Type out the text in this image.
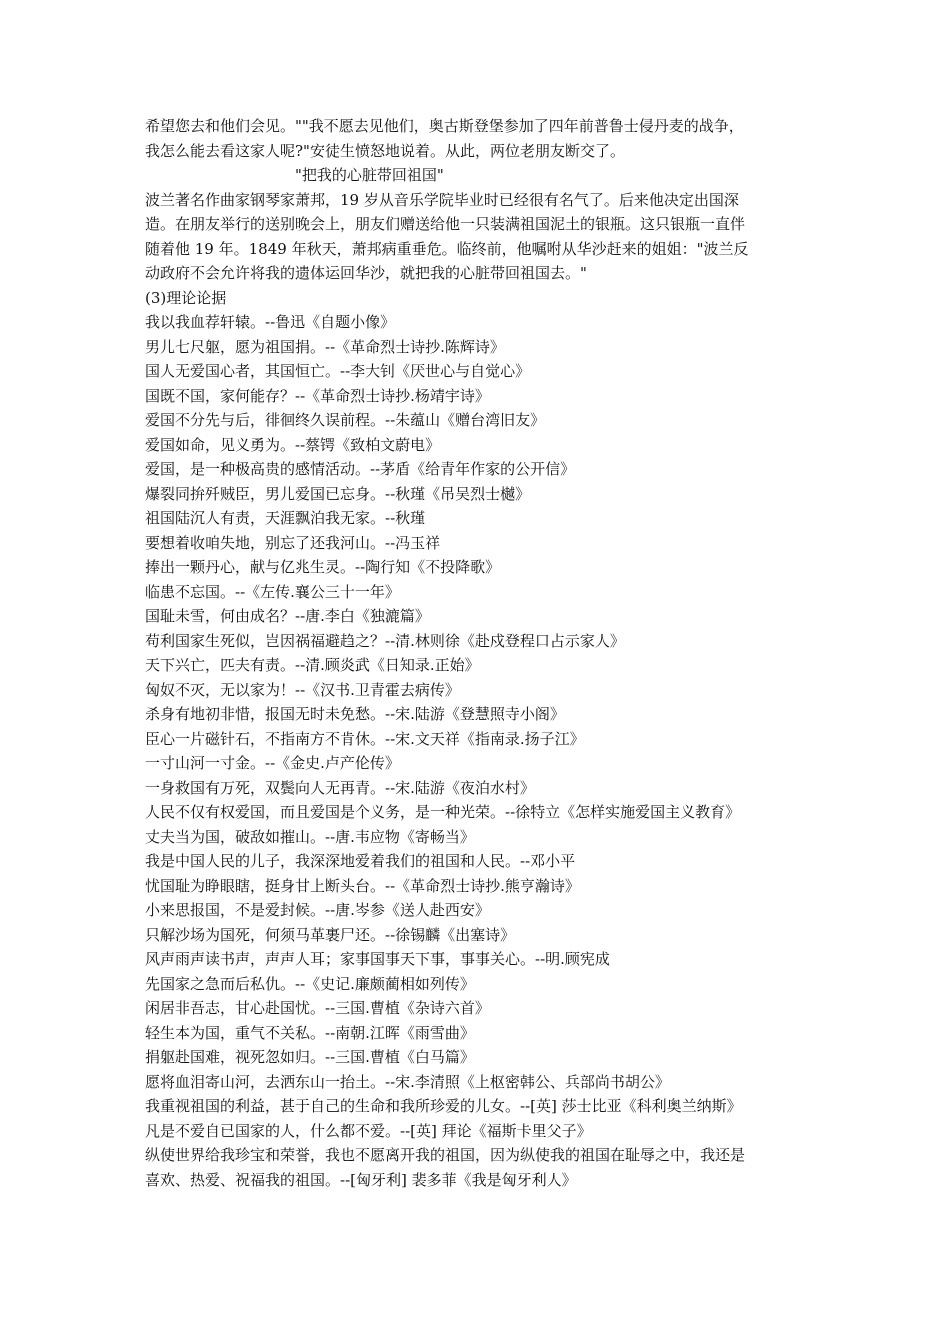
希望您去和他们会见。""我不愿去见他们，奥古斯登堡参加了四年前普鲁士侵丹麦的战争，

我怎么能去看这家人呢?"安徒生愤怒地说着。从此，两位老朋友断交了。

"把我的心脏带回祖国"

波兰著名作曲家钢琴家萧邦，19 岁从音乐学院毕业时已经很有名气了。后来他决定出国深

造。在朋友举行的送别晚会上，朋友们赠送给他一只装满祖国泥土的银瓶。这只银瓶一直伴

随着他 19 年。1849 年秋天，萧邦病重垂危。临终前，他嘱咐从华沙赶来的姐姐："波兰反

动政府不会允许将我的遗体运回华沙，就把我的心脏带回祖国去。"

(3)理论论据

我以我血荐轩辕。--鲁迅《自题小像》

男儿七尺躯，愿为祖国捐。--《革命烈士诗抄.陈辉诗》

国人无爱国心者，其国恒亡。--李大钊《厌世心与自觉心》

国既不国，家何能存？--《革命烈士诗抄.杨靖宇诗》

爱国不分先与后，徘徊终久误前程。--朱蕴山《赠台湾旧友》

爱国如命，见义勇为。--蔡锷《致柏文蔚电》

爱国，是一种极高贵的感情活动。--茅盾《给青年作家的公开信》

爆裂同拚歼贼臣，男儿爱国已忘身。--秋瑾《吊吴烈士樾》

祖国陆沉人有责，天涯飘泊我无家。--秋瑾

要想着收咱失地，别忘了还我河山。--冯玉祥

捧出一颗丹心，献与亿兆生灵。--陶行知《不投降歌》

临患不忘国。--《左传.襄公三十一年》

国耻未雪，何由成名？--唐.李白《独漉篇》

苟利国家生死似，岂因祸福避趋之？--清.林则徐《赴戍登程口占示家人》

天下兴亡，匹夫有责。--清.顾炎武《日知录.正始》

匈奴不灭，无以家为！--《汉书.卫青霍去病传》

杀身有地初非惜，报国无时未免愁。--宋.陆游《登慧照寺小阁》

臣心一片磁针石，不指南方不肯休。--宋.文天祥《指南录.扬子江》

一寸山河一寸金。--《金史.卢产伦传》

一身救国有万死，双鬓向人无再青。--宋.陆游《夜泊水村》

人民不仅有权爱国，而且爱国是个义务，是一种光荣。--徐特立《怎样实施爱国主义教育》

丈夫当为国，破敌如摧山。--唐.韦应物《寄畅当》

我是中国人民的儿子，我深深地爱着我们的祖国和人民。--邓小平

忧国耻为睁眼瞎，挺身甘上断头台。--《革命烈士诗抄.熊亨瀚诗》

小来思报国，不是爱封候。--唐.岑参《送人赴西安》

只解沙场为国死，何须马革裹尸还。--徐锡麟《出塞诗》

风声雨声读书声，声声人耳；家事国事天下事，事事关心。--明.顾宪成

先国家之急而后私仇。--《史记.廉颇蔺相如列传》

闲居非吾志，甘心赴国忧。--三国.曹植《杂诗六首》

轻生本为国，重气不关私。--南朝.江晖《雨雪曲》

捐躯赴国难，视死忽如归。--三国.曹植《白马篇》

愿将血泪寄山河，去洒东山一抬土。--宋.李清照《上枢密韩公、兵部尚书胡公》

我重视祖国的利益，甚于自己的生命和我所珍爱的儿女。--[英] 莎士比亚《科利奥兰纳斯》

凡是不爱自已国家的人，什么都不爱。--[英] 拜论《福斯卡里父子》

纵使世界给我珍宝和荣誉，我也不愿离开我的祖国，因为纵使我的祖国在耻辱之中，我还是

喜欢、热爱、祝福我的祖国。--[匈牙利] 裴多菲《我是匈牙利人》
